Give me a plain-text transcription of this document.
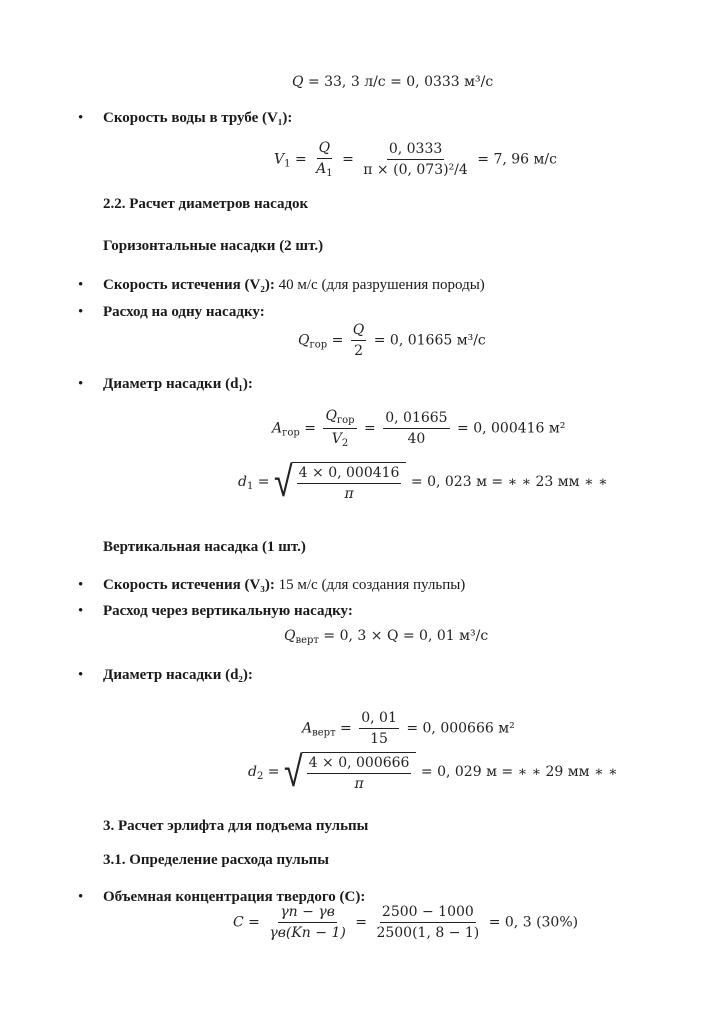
Q = 33, 3 л/с = 0, 0333 м³/с
• Скорость воды в трубе (V₁):
$V_1 = \frac{Q}{A_1} = \frac{0, 0333}{\text{π × (0, 073)²/4}} = 7$, 96 м/с
2.2. Расчет диаметров насадок
Горизонтальные насадки (2 шт.)
• Скорость истечения (V₂): 40 м/с (для разрушения породы)
• Расход на одну насадку:
$Q_{гор} = \frac{Q}{2} = 0$, 01665 м³/с
• Диаметр насадки (d₁):
$A_{гор} = \frac{Q_{гор}}{V_2} = \frac{0, 01665}{40} = 0$, 000416 м²
$d_1$ = √ $\frac{4 \times 0, 000416}{\pi} = 0$, 023 м = ∗ ∗ 23 мм ∗ ∗
Вертикальная насадка (1 шт.)
• Скорость истечения (V₃): 15 м/с (для создания пульпы)
• Расход через вертикальную насадку:
$Q_{верт} = 0$, 3 × Q = 0, 01 м³/с
• Диаметр насадки (d₂):
$A_{верт} = \frac{0, 01}{15} = 0$, 000666 м²
$d_2$ = √ $\frac{4 \times 0, 000666}{\pi} = 0$, 029 м = ∗ ∗ 29 мм ∗ ∗
3. Расчет эрлифта для подъема пульпы
3.1. Определение расхода пульпы
• Объемная концентрация твердого (C):
$C = \frac{\gamma п - \gamma в}{\gamma в(Kп - 1)} = \frac{2500 - 1000}{2500(1, 8 - 1)} = 0$, 3 (30%)
